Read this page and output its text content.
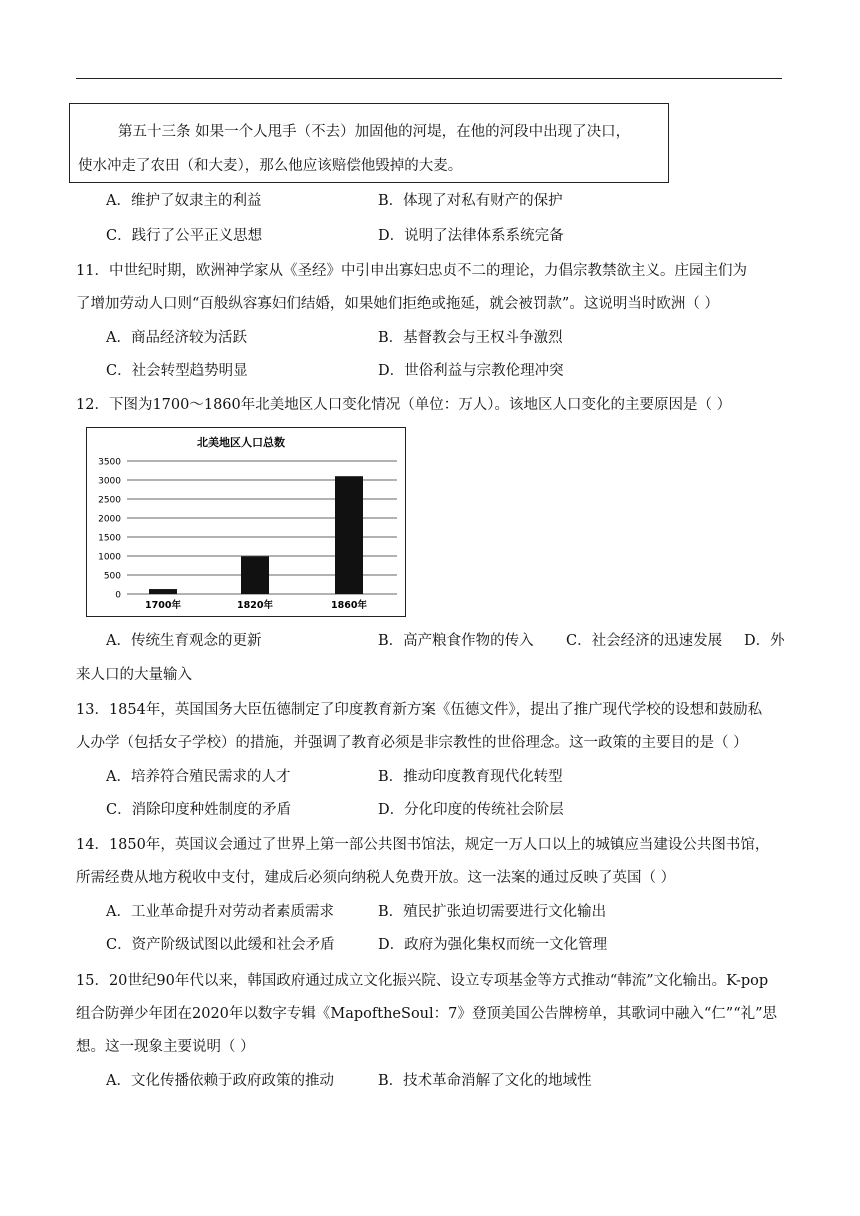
第五十三条 如果一个人甩手（不去）加固他的河堤，在他的河段中出现了决口，

使水冲走了农田（和大麦），那么他应该赔偿他毁掉的大麦。

A．维护了奴隶主的利益	B．体现了对私有财产的保护
C．践行了公平正义思想	D．说明了法律体系系统完备
11．中世纪时期，欧洲神学家从《圣经》中引申出寡妇忠贞不二的理论，力倡宗教禁欲主义。庄园主们为
了增加劳动人口则“百般纵容寡妇们结婚，如果她们拒绝或拖延，就会被罚款”。这说明当时欧洲（ ）
A．商品经济较为活跃	B．基督教会与王权斗争激烈
C．社会转型趋势明显	D．世俗利益与宗教伦理冲突
12．下图为1700～1860年北美地区人口变化情况（单位：万人）。该地区人口变化的主要原因是（ ）
北美地区人口总数
0
500
1000
1500
2000
2500
3000
3500
1700年	1820年	1860年
A．传统生育观念的更新	B．高产粮食作物的传入 C．社会经济的迅速发展 D．外
来人口的大量输入
13．1854年，英国国务大臣伍德制定了印度教育新方案《伍德文件》，提出了推广现代学校的设想和鼓励私
人办学（包括女子学校）的措施，并强调了教育必须是非宗教性的世俗理念。这一政策的主要目的是（ ）
A．培养符合殖民需求的人才	B．推动印度教育现代化转型
C．消除印度种姓制度的矛盾	D．分化印度的传统社会阶层
14．1850年，英国议会通过了世界上第一部公共图书馆法，规定一万人口以上的城镇应当建设公共图书馆，
所需经费从地方税收中支付，建成后必须向纳税人免费开放。这一法案的通过反映了英国（ ）
A．工业革命提升对劳动者素质需求	B．殖民扩张迫切需要进行文化输出
C．资产阶级试图以此缓和社会矛盾	D．政府为强化集权而统一文化管理
15．20世纪90年代以来，韩国政府通过成立文化振兴院、设立专项基金等方式推动“韩流”文化输出。K-pop
组合防弹少年团在2020年以数字专辑《MapoftheSoul：7》登顶美国公告牌榜单，其歌词中融入“仁”“礼”思
想。这一现象主要说明（ ）
A．文化传播依赖于政府政策的推动	B．技术革命消解了文化的地域性
